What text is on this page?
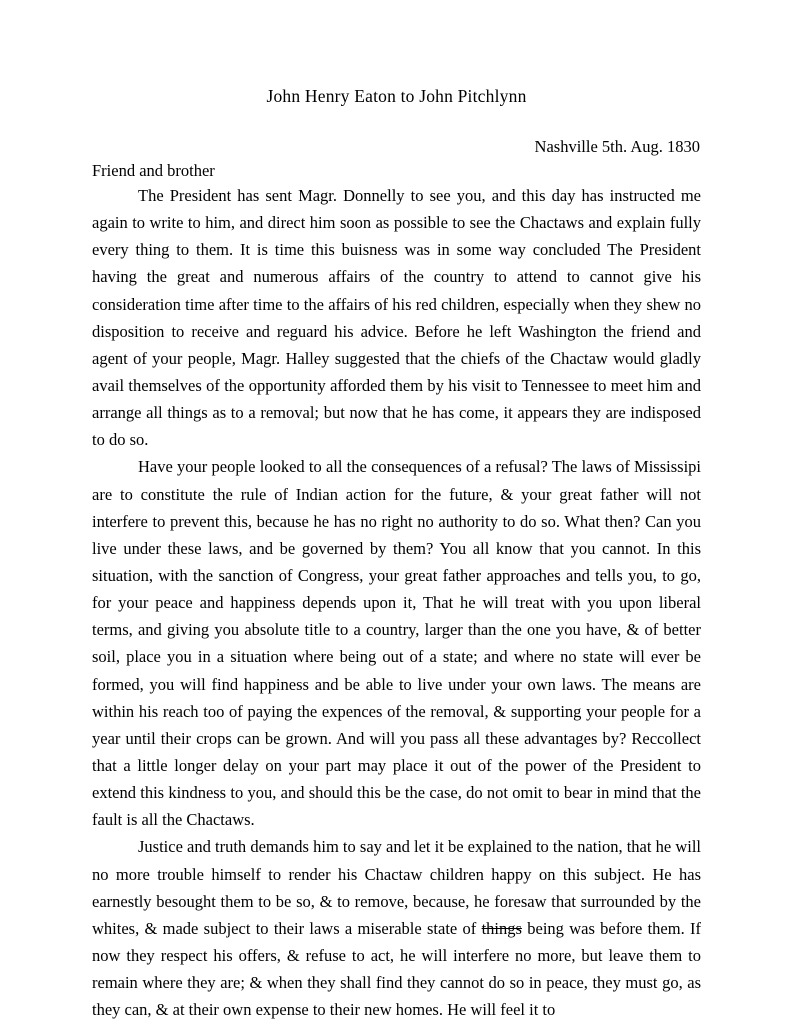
John Henry Eaton to John Pitchlynn
Nashville 5th. Aug. 1830
Friend and brother

The President has sent Magr. Donnelly to see you, and this day has instructed me again to write to him, and direct him soon as possible to see the Chactaws and explain fully every thing to them. It is time this buisness was in some way concluded The President having the great and numerous affairs of the country to attend to cannot give his consideration time after time to the affairs of his red children, especially when they shew no disposition to receive and reguard his advice. Before he left Washington the friend and agent of your people, Magr. Halley suggested that the chiefs of the Chactaw would gladly avail themselves of the opportunity afforded them by his visit to Tennessee to meet him and arrange all things as to a removal; but now that he has come, it appears they are indisposed to do so.

Have your people looked to all the consequences of a refusal? The laws of Mississipi are to constitute the rule of Indian action for the future, & your great father will not interfere to prevent this, because he has no right no authority to do so. What then? Can you live under these laws, and be governed by them? You all know that you cannot. In this situation, with the sanction of Congress, your great father approaches and tells you, to go, for your peace and happiness depends upon it, That he will treat with you upon liberal terms, and giving you absolute title to a country, larger than the one you have, & of better soil, place you in a situation where being out of a state; and where no state will ever be formed, you will find happiness and be able to live under your own laws. The means are within his reach too of paying the expences of the removal, & supporting your people for a year until their crops can be grown. And will you pass all these advantages by? Reccollect that a little longer delay on your part may place it out of the power of the President to extend this kindness to you, and should this be the case, do not omit to bear in mind that the fault is all the Chactaws.

Justice and truth demands him to say and let it be explained to the nation, that he will no more trouble himself to render his Chactaw children happy on this subject. He has earnestly besought them to be so, & to remove, because, he foresaw that surrounded by the whites, & made subject to their laws a miserable state of things being was before them. If now they respect his offers, & refuse to act, he will interfere no more, but leave them to remain where they are; & when they shall find they cannot do so in peace, they must go, as they can, & at their own expense to their new homes. He will feel it to
